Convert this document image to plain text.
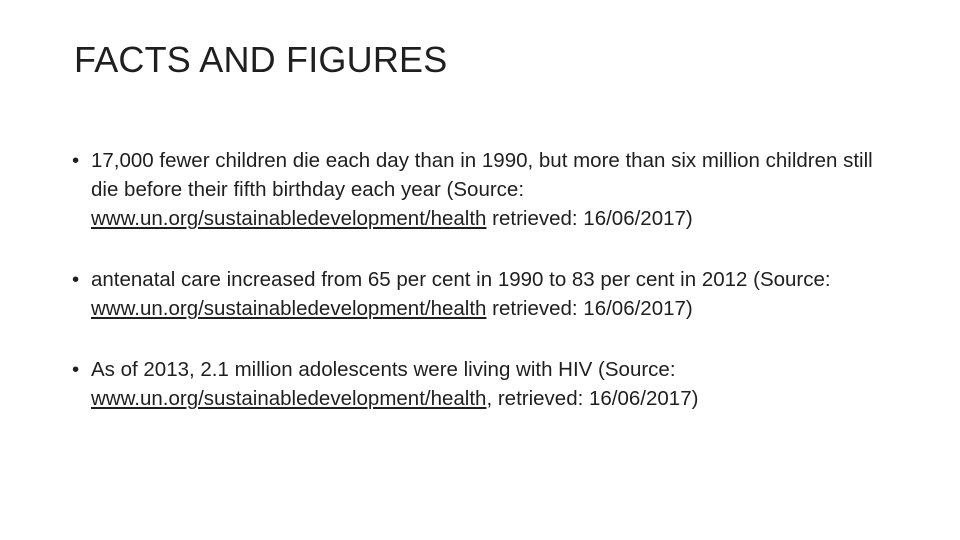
FACTS AND FIGURES
• 17,000 fewer children die each day than in 1990, but more than six million children still die before their fifth birthday each year (Source: www.un.org/sustainabledevelopment/health retrieved: 16/06/2017)
• antenatal care increased from 65 per cent in 1990 to 83 per cent in 2012 (Source: www.un.org/sustainabledevelopment/health retrieved: 16/06/2017)
• As of 2013, 2.1 million adolescents were living with HIV (Source: www.un.org/sustainabledevelopment/health, retrieved: 16/06/2017)
